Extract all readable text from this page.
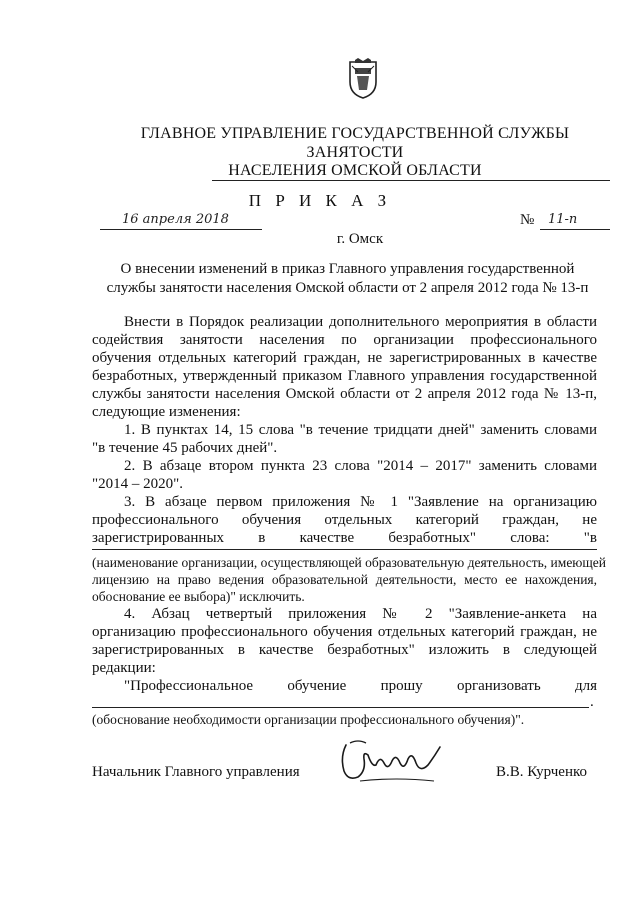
ГЛАВНОЕ УПРАВЛЕНИЕ ГОСУДАРСТВЕННОЙ СЛУЖБЫ
ЗАНЯТОСТИ
НАСЕЛЕНИЯ ОМСКОЙ ОБЛАСТИ
П Р И К А З
16 апреля 2018	№	11-п
г. Омск
О внесении изменений в приказ Главного управления государственной
службы занятости населения Омской области от 2 апреля 2012 года № 13-п
Внести в Порядок реализации дополнительного мероприятия в области
содействия занятости населения по организации профессионального
обучения отдельных категорий граждан, не зарегистрированных в качестве
безработных, утвержденный приказом Главного управления государственной
службы занятости населения Омской области от 2 апреля 2012 года № 13-п,
следующие изменения:
1. В пунктах 14, 15 слова "в течение тридцати дней" заменить словами
"в течение 45 рабочих дней".
2. В абзаце втором пункта 23 слова "2014 – 2017" заменить словами
"2014 – 2020".
3. В абзаце первом приложения № 1 "Заявление на организацию
профессионального обучения отдельных категорий граждан, не
зарегистрированных в качестве безработных" слова: "в
(наименование организации, осуществляющей образовательную деятельность, имеющей
лицензию на право ведения образовательной деятельности, место ее нахождения,
обоснование ее выбора)" исключить.
4. Абзац четвертый приложения № 2 "Заявление-анкета на
организацию профессионального обучения отдельных категорий граждан, не
зарегистрированных в качестве безработных" изложить в следующей
редакции:
"Профессиональное обучение прошу организовать для
.
(обоснование необходимости организации профессионального обучения)".
Начальник Главного управления	В.В. Курченко
